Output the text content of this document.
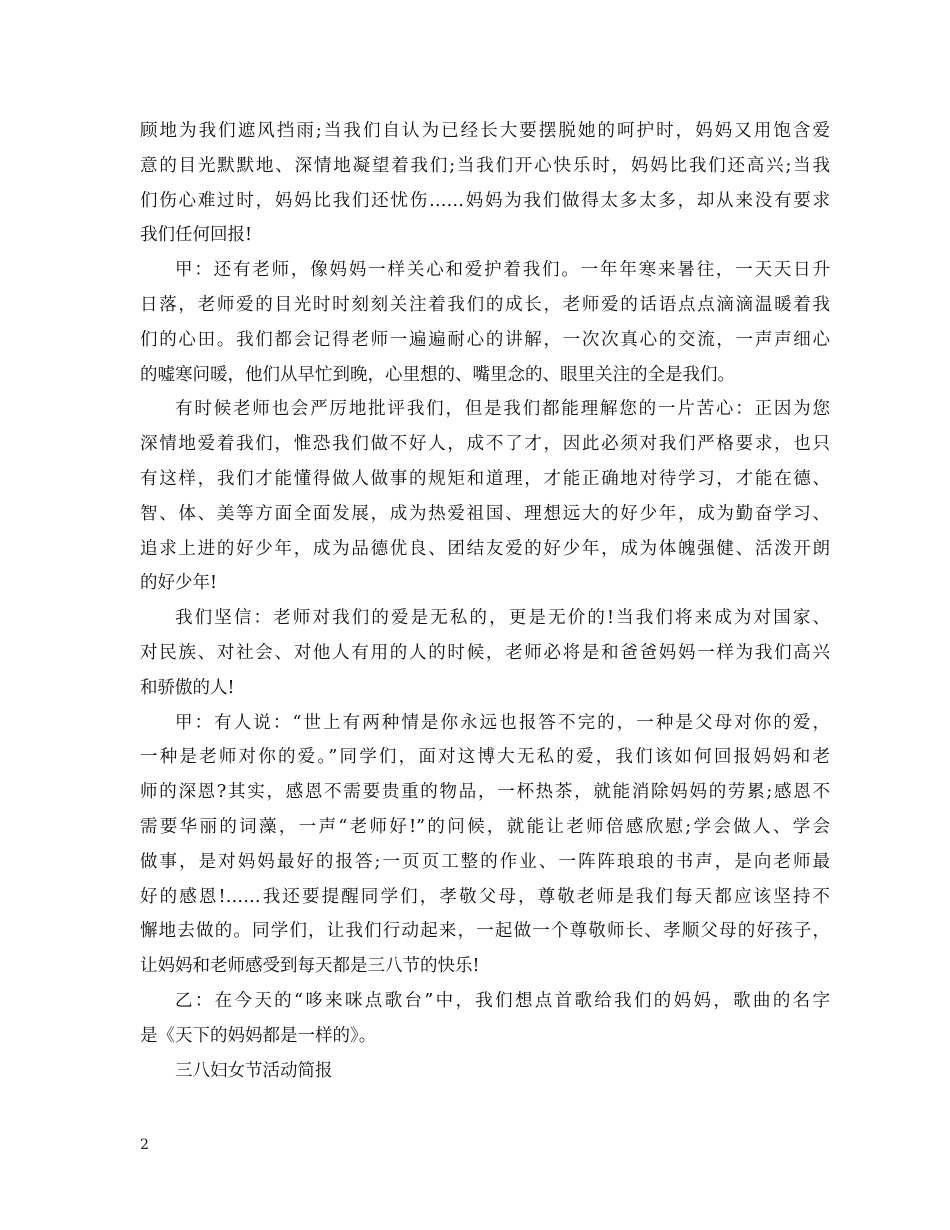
顾地为我们遮风挡雨;当我们自认为已经长大要摆脱她的呵护时，妈妈又用饱含爱
意的目光默默地、深情地凝望着我们;当我们开心快乐时，妈妈比我们还高兴;当我
们伤心难过时，妈妈比我们还忧伤……妈妈为我们做得太多太多，却从来没有要求
我们任何回报!
甲：还有老师，像妈妈一样关心和爱护着我们。一年年寒来暑往，一天天日升
日落，老师爱的目光时时刻刻关注着我们的成长，老师爱的话语点点滴滴温暖着我
们的心田。我们都会记得老师一遍遍耐心的讲解，一次次真心的交流，一声声细心
的嘘寒问暖，他们从早忙到晚，心里想的、嘴里念的、眼里关注的全是我们。
有时候老师也会严厉地批评我们，但是我们都能理解您的一片苦心：正因为您
深情地爱着我们，惟恐我们做不好人，成不了才，因此必须对我们严格要求，也只
有这样，我们才能懂得做人做事的规矩和道理，才能正确地对待学习，才能在德、
智、体、美等方面全面发展，成为热爱祖国、理想远大的好少年，成为勤奋学习、
追求上进的好少年，成为品德优良、团结友爱的好少年，成为体魄强健、活泼开朗
的好少年!
我们坚信：老师对我们的爱是无私的，更是无价的!当我们将来成为对国家、
对民族、对社会、对他人有用的人的时候，老师必将是和爸爸妈妈一样为我们高兴
和骄傲的人!
甲：有人说：“世上有两种情是你永远也报答不完的，一种是父母对你的爱，
一种是老师对你的爱。”同学们，面对这博大无私的爱，我们该如何回报妈妈和老
师的深恩?其实，感恩不需要贵重的物品，一杯热茶，就能消除妈妈的劳累;感恩不
需要华丽的词藻，一声“老师好!”的问候，就能让老师倍感欣慰;学会做人、学会
做事，是对妈妈最好的报答;一页页工整的作业、一阵阵琅琅的书声，是向老师最
好的感恩!……我还要提醒同学们，孝敬父母，尊敬老师是我们每天都应该坚持不
懈地去做的。同学们，让我们行动起来，一起做一个尊敬师长、孝顺父母的好孩子，
让妈妈和老师感受到每天都是三八节的快乐!
乙：在今天的“哆来咪点歌台”中，我们想点首歌给我们的妈妈，歌曲的名字
是《天下的妈妈都是一样的》。
三八妇女节活动简报
2
